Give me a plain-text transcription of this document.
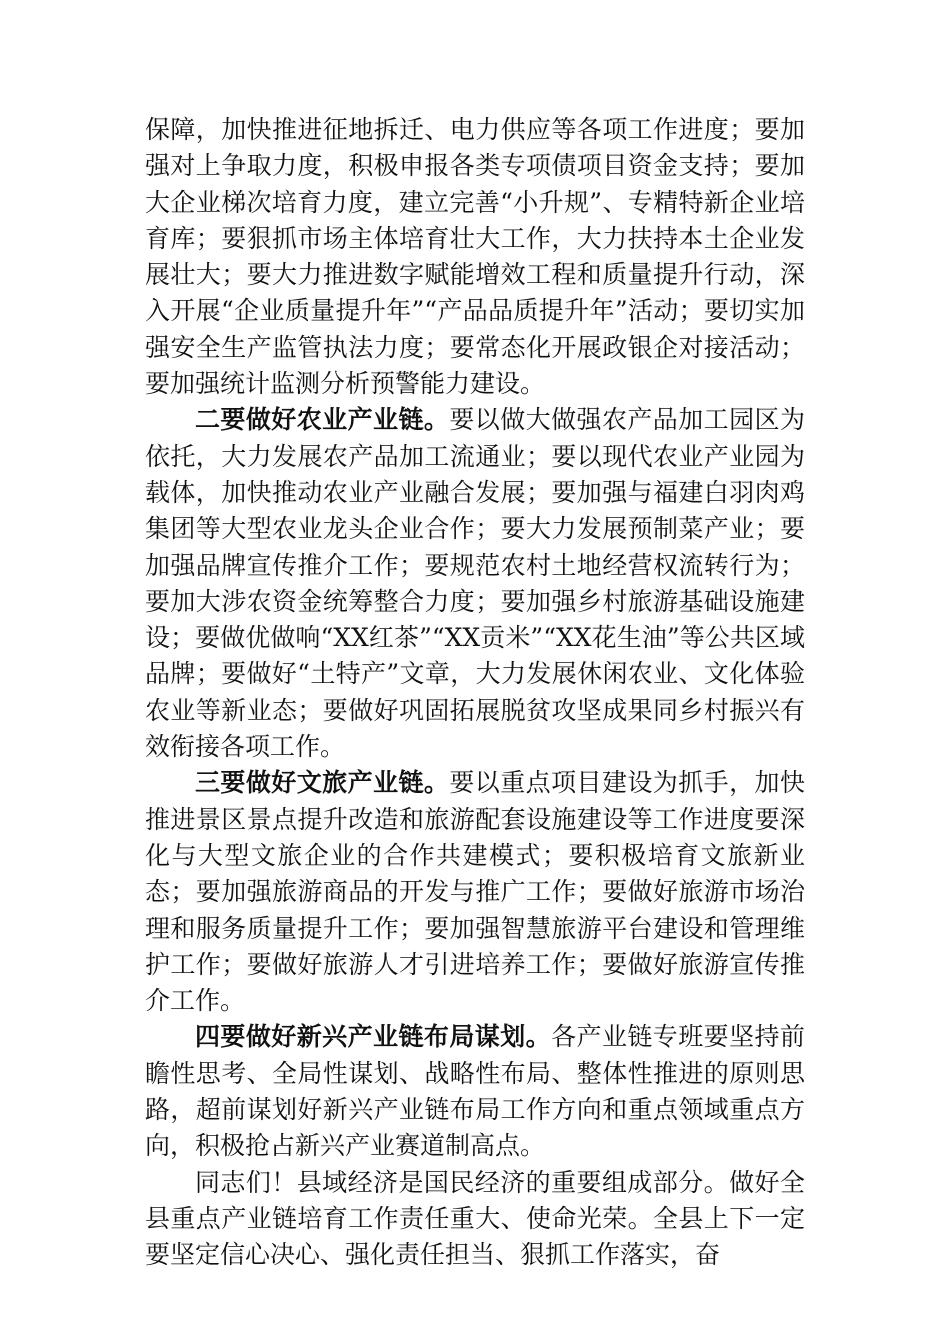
保障，加快推进征地拆迁、电力供应等各项工作进度；要加强对上争取力度，积极申报各类专项债项目资金支持；要加大企业梯次培育力度，建立完善“小升规”、专精特新企业培育库；要狠抓市场主体培育壮大工作，大力扶持本土企业发展壮大；要大力推进数字赋能增效工程和质量提升行动，深入开展“企业质量提升年”“产品品质提升年”活动；要切实加强安全生产监管执法力度；要常态化开展政银企对接活动；要加强统计监测分析预警能力建设。

二要做好农业产业链。要以做大做强农产品加工园区为依托，大力发展农产品加工流通业；要以现代农业产业园为载体，加快推动农业产业融合发展；要加强与福建白羽肉鸡集团等大型农业龙头企业合作；要大力发展预制菜产业；要加强品牌宣传推介工作；要规范农村土地经营权流转行为；要加大涉农资金统筹整合力度；要加强乡村旅游基础设施建设；要做优做响“XX红茶”“XX贡米”“XX花生油”等公共区域品牌；要做好“土特产”文章，大力发展休闲农业、文化体验农业等新业态；要做好巩固拓展脱贫攻坚成果同乡村振兴有效衔接各项工作。

三要做好文旅产业链。要以重点项目建设为抓手，加快推进景区景点提升改造和旅游配套设施建设等工作进度要深化与大型文旅企业的合作共建模式；要积极培育文旅新业态；要加强旅游商品的开发与推广工作；要做好旅游市场治理和服务质量提升工作；要加强智慧旅游平台建设和管理维护工作；要做好旅游人才引进培养工作；要做好旅游宣传推介工作。

四要做好新兴产业链布局谋划。各产业链专班要坚持前瞻性思考、全局性谋划、战略性布局、整体性推进的原则思路，超前谋划好新兴产业链布局工作方向和重点领域重点方向，积极抢占新兴产业赛道制高点。

同志们！县域经济是国民经济的重要组成部分。做好全县重点产业链培育工作责任重大、使命光荣。全县上下一定要坚定信心决心、强化责任担当、狠抓工作落实，奋
